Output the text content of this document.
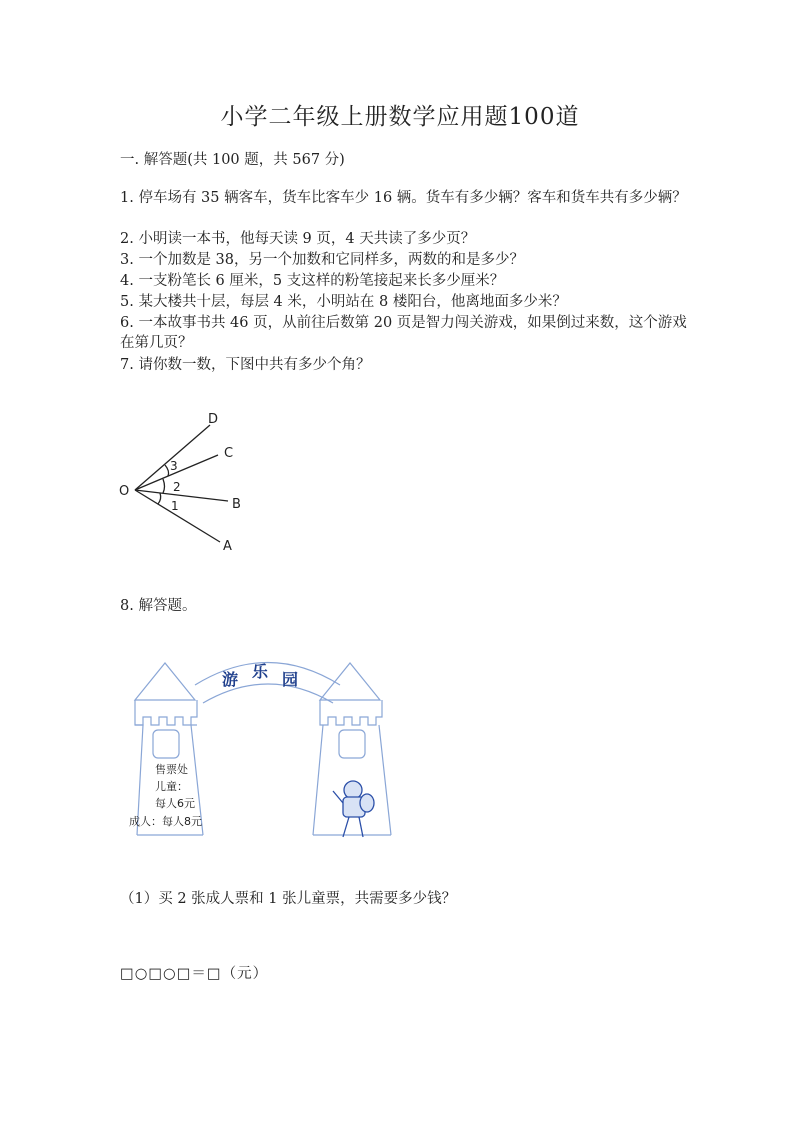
小学二年级上册数学应用题100道
一. 解答题(共 100 题，共 567 分)
1. 停车场有 35 辆客车，货车比客车少 16 辆。货车有多少辆？客车和货车共有多少辆？
2. 小明读一本书，他每天读 9 页，4 天共读了多少页？
3. 一个加数是 38，另一个加数和它同样多，两数的和是多少？
4. 一支粉笔长 6 厘米，5 支这样的粉笔接起来长多少厘米？
5. 某大楼共十层，每层 4 米，小明站在 8 楼阳台，他离地面多少米？
6. 一本故事书共 46 页，从前往后数第 20 页是智力闯关游戏，如果倒过来数，这个游戏在第几页？
7. 请你数一数，下图中共有多少个角？
O
D
C
B
A
3
2
1
8. 解答题。
游 乐 园
售票处
儿童：
每人6元
成人：每人8元
（1）买 2 张成人票和 1 张儿童票，共需要多少钱？
□○□○□＝□（元）
